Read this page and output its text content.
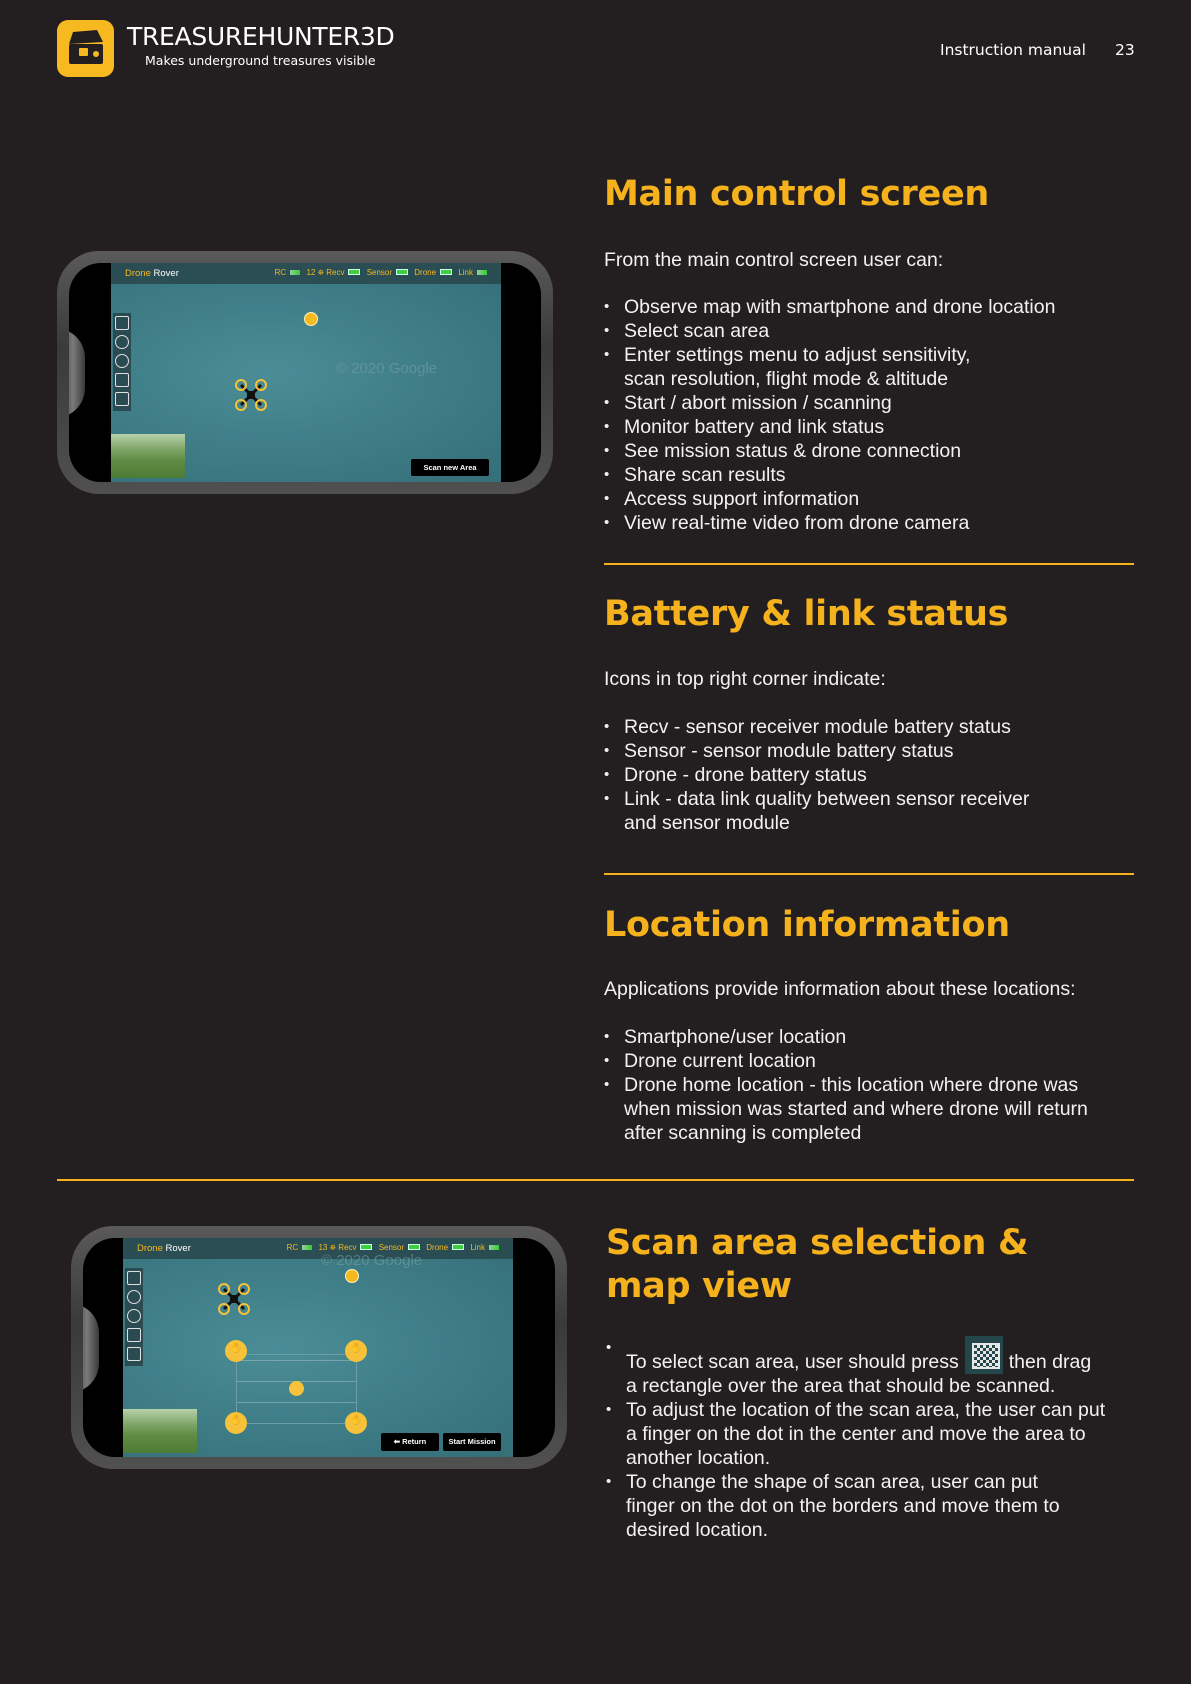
TREASUREHUNTER3D
Makes underground treasures visible
Instruction manual 23
Drone Rover	RC	12 ⛯ Recv	Sensor	Drone	Link
© 2020 Google
Scan new Area
Main control screen
From the main control screen user can:
• Observe map with smartphone and drone location
• Select scan area
• Enter settings menu to adjust sensitivity,
scan resolution, flight mode & altitude
• Start / abort mission / scanning
• Monitor battery and link status
• See mission status & drone connection
• Share scan results
• Access support information
• View real-time video from drone camera
Battery & link status
Icons in top right corner indicate:
• Recv - sensor receiver module battery status
• Sensor - sensor module battery status
• Drone - drone battery status
• Link - data link quality between sensor receiver
and sensor module
Location information
Applications provide information about these locations:
• Smartphone/user location
• Drone current location
• Drone home location - this location where drone was
when mission was started and where drone will return
after scanning is completed
Drone Rover	RC	13 ⛯ Recv	Sensor	Drone	Link
© 2020 Google
✋
✋
✋
✋
⬅ Return	Start Mission
Scan area selection &
map view
• To select scan area, user should press	then drag
a rectangle over the area that should be scanned.
• To adjust the location of the scan area, the user can put
a finger on the dot in the center and move the area to
another location.
• To change the shape of scan area, user can put
finger on the dot on the borders and move them to
desired location.
